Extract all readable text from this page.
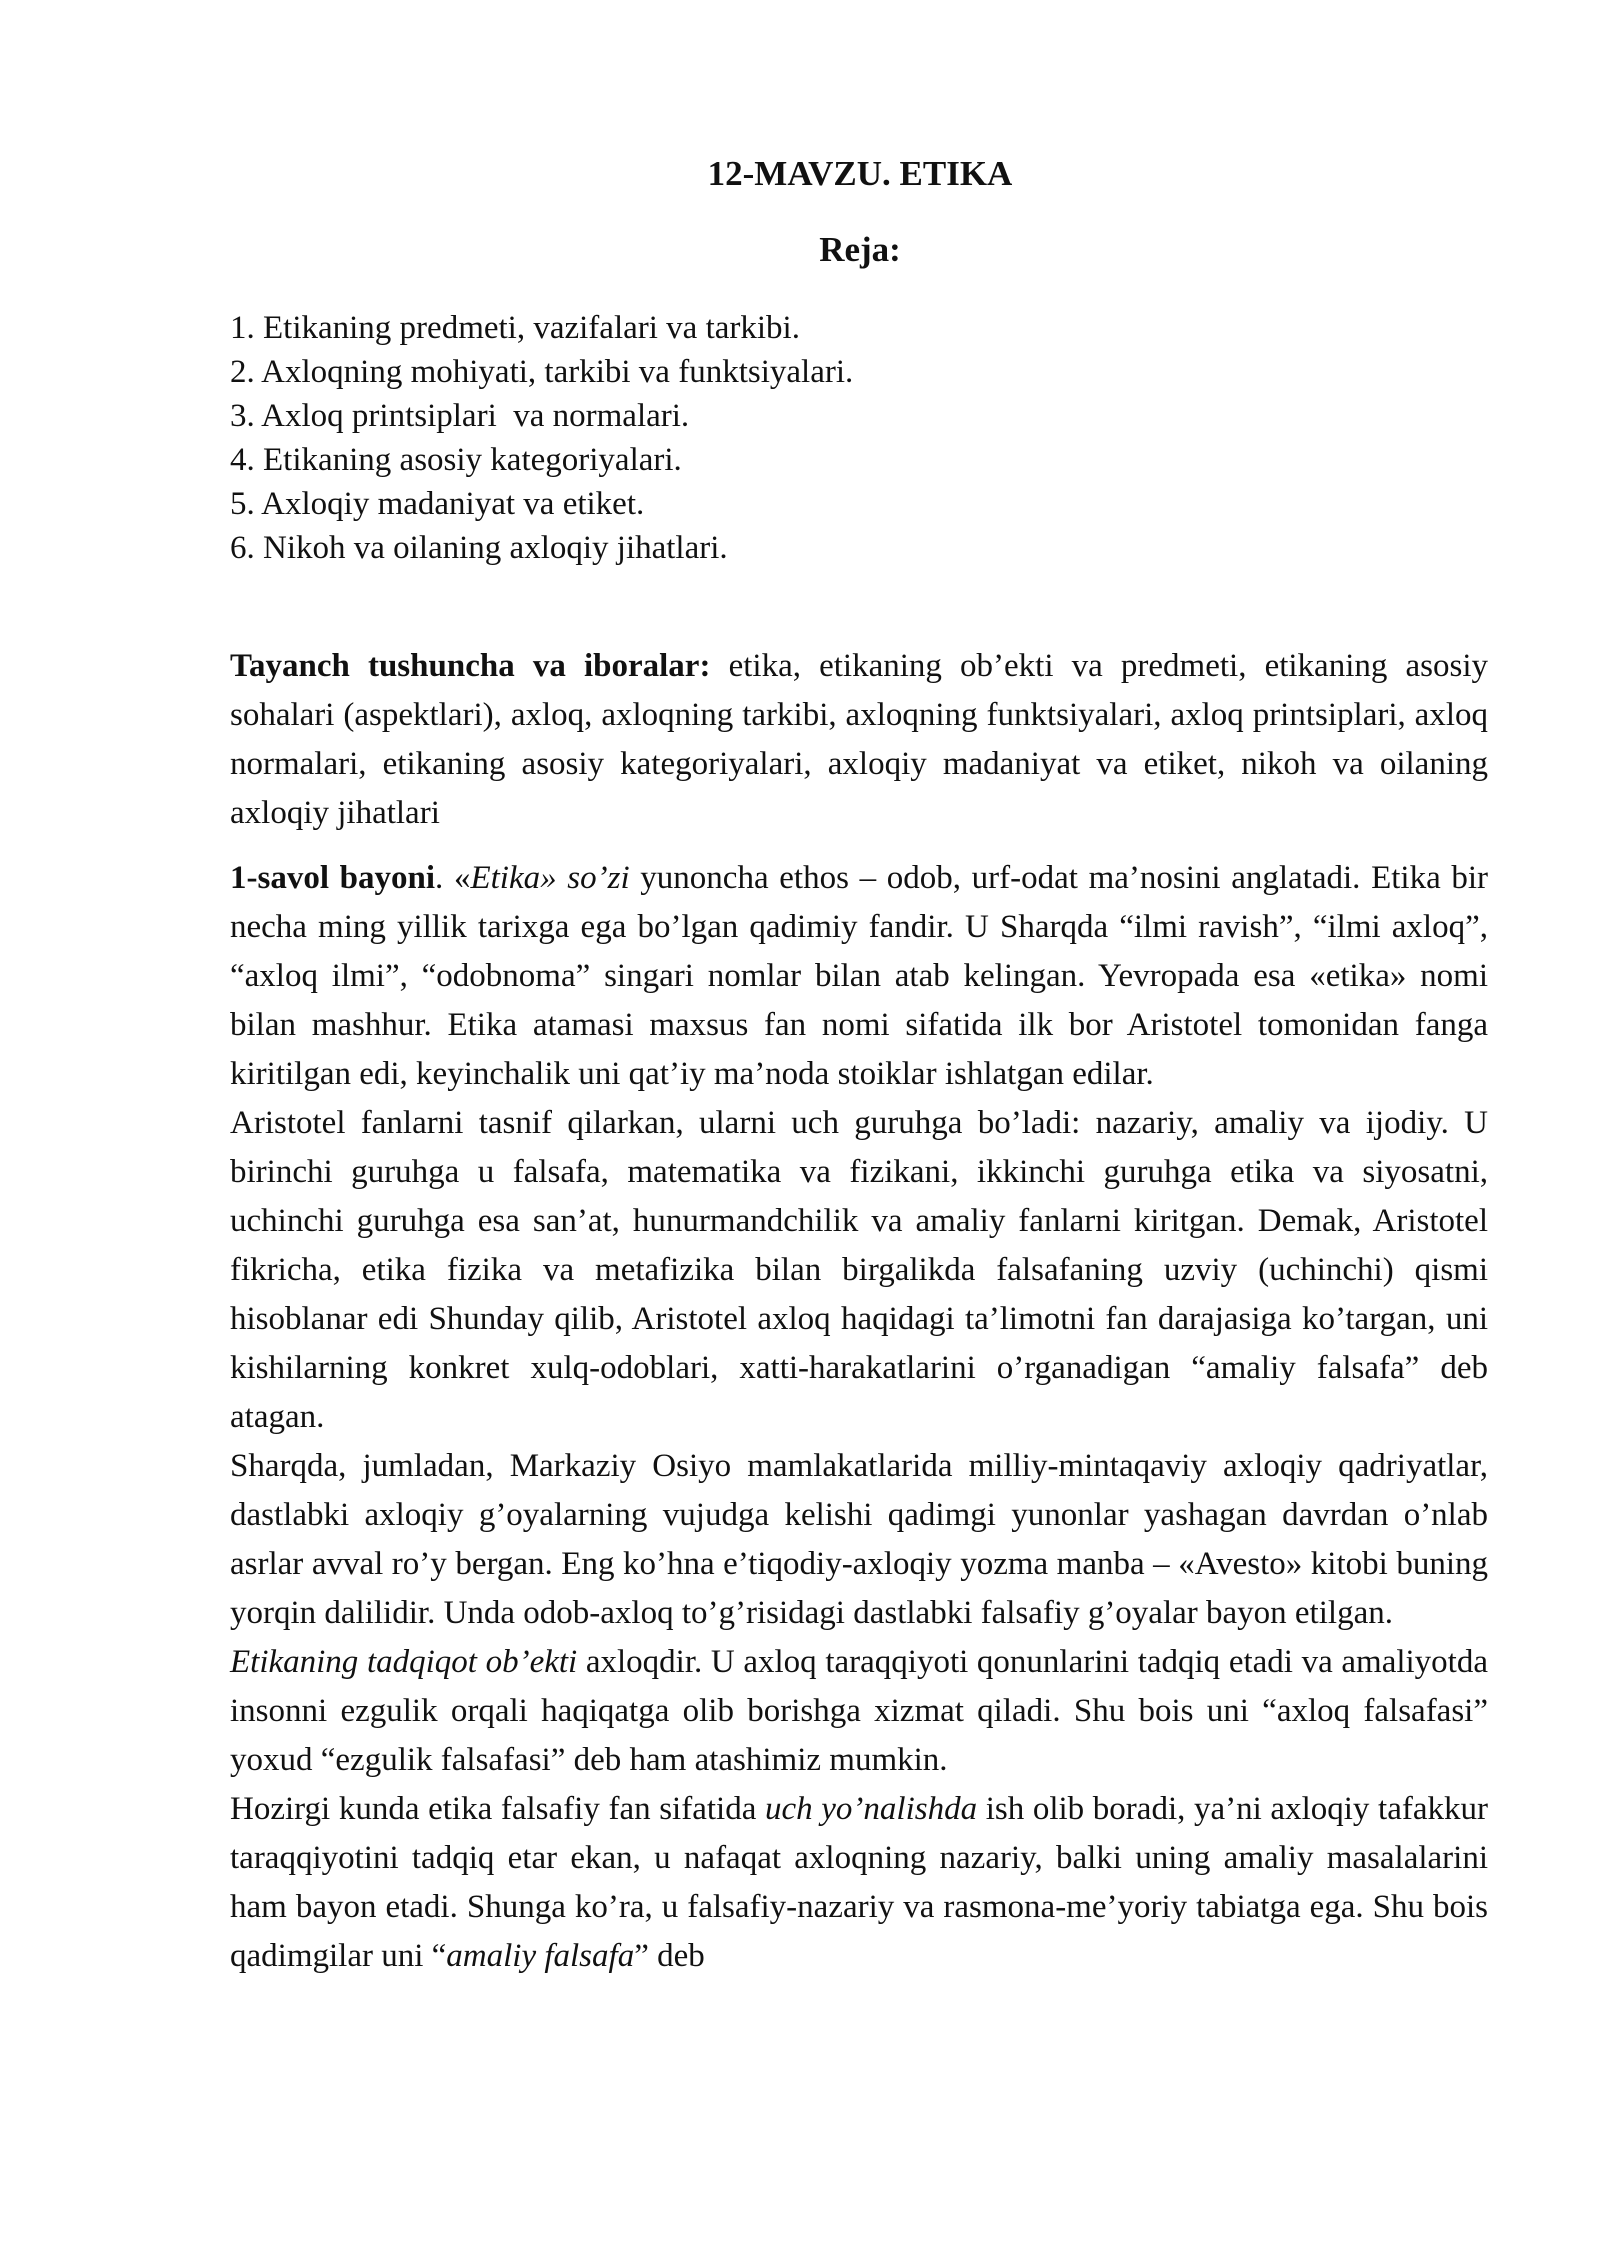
12-MAVZU. ETIKA
Reja:
1. Etikaning predmeti, vazifalari va tarkibi.
2. Axloqning mohiyati, tarkibi va funktsiyalari.
3. Axloq printsiplari  va normalari.
4. Etikaning asosiy kategoriyalari.
5. Axloqiy madaniyat va etiket.
6. Nikoh va oilaning axloqiy jihatlari.

Tayanch tushuncha va iboralar: etika, etikaning ob’ekti va predmeti, etikaning asosiy sohalari (aspektlari), axloq, axloqning tarkibi, axloqning funktsiyalari, axloq printsiplari, axloq normalari, etikaning asosiy kategoriyalari, axloqiy madaniyat va etiket, nikoh va oilaning axloqiy jihatlari

1-savol bayoni. «Etika» so’zi yunoncha ethos – odob, urf-odat ma’nosini anglatadi. Etika bir necha ming yillik tarixga ega bo’lgan qadimiy fandir. U Sharqda “ilmi ravish”, “ilmi axloq”, “axloq ilmi”, “odobnoma” singari nomlar bilan atab kelingan. Yevropada esa «etika» nomi bilan mashhur. Etika atamasi maxsus fan nomi sifatida ilk bor Aristotel tomonidan fanga kiritilgan edi, keyinchalik uni qat’iy ma’noda stoiklar ishlatgan edilar.

Aristotel fanlarni tasnif qilarkan, ularni uch guruhga bo’ladi: nazariy, amaliy va ijodiy. U birinchi guruhga u falsafa, matematika va fizikani, ikkinchi guruhga etika va siyosatni, uchinchi guruhga esa san’at, hunurmandchilik va amaliy fanlarni kiritgan. Demak, Aristotel fikricha, etika fizika va metafizika bilan birgalikda falsafaning uzviy (uchinchi) qismi hisoblanar edi Shunday qilib, Aristotel axloq haqidagi ta’limotni fan darajasiga ko’targan, uni kishilarning konkret xulq-odoblari, xatti-harakatlarini o’rganadigan “amaliy falsafa” deb atagan.

Sharqda, jumladan, Markaziy Osiyo mamlakatlarida milliy-mintaqaviy axloqiy qadriyatlar, dastlabki axloqiy g’oyalarning vujudga kelishi qadimgi yunonlar yashagan davrdan o’nlab asrlar avval ro’y bergan. Eng ko’hna e’tiqodiy-axloqiy yozma manba – «Avesto» kitobi buning yorqin dalilidir. Unda odob-axloq to’g’risidagi dastlabki falsafiy g’oyalar bayon etilgan.

Etikaning tadqiqot ob’ekti axloqdir. U axloq taraqqiyoti qonunlarini tadqiq etadi va amaliyotda insonni ezgulik orqali haqiqatga olib borishga xizmat qiladi. Shu bois uni “axloq falsafasi” yoxud “ezgulik falsafasi” deb ham atashimiz mumkin.

Hozirgi kunda etika falsafiy fan sifatida uch yo’nalishda ish olib boradi, ya’ni axloqiy tafakkur taraqqiyotini tadqiq etar ekan, u nafaqat axloqning nazariy, balki uning amaliy masalalarini ham bayon etadi. Shunga ko’ra, u falsafiy-nazariy va rasmona-me’yoriy tabiatga ega. Shu bois qadimgilar uni “amaliy falsafa” deb
